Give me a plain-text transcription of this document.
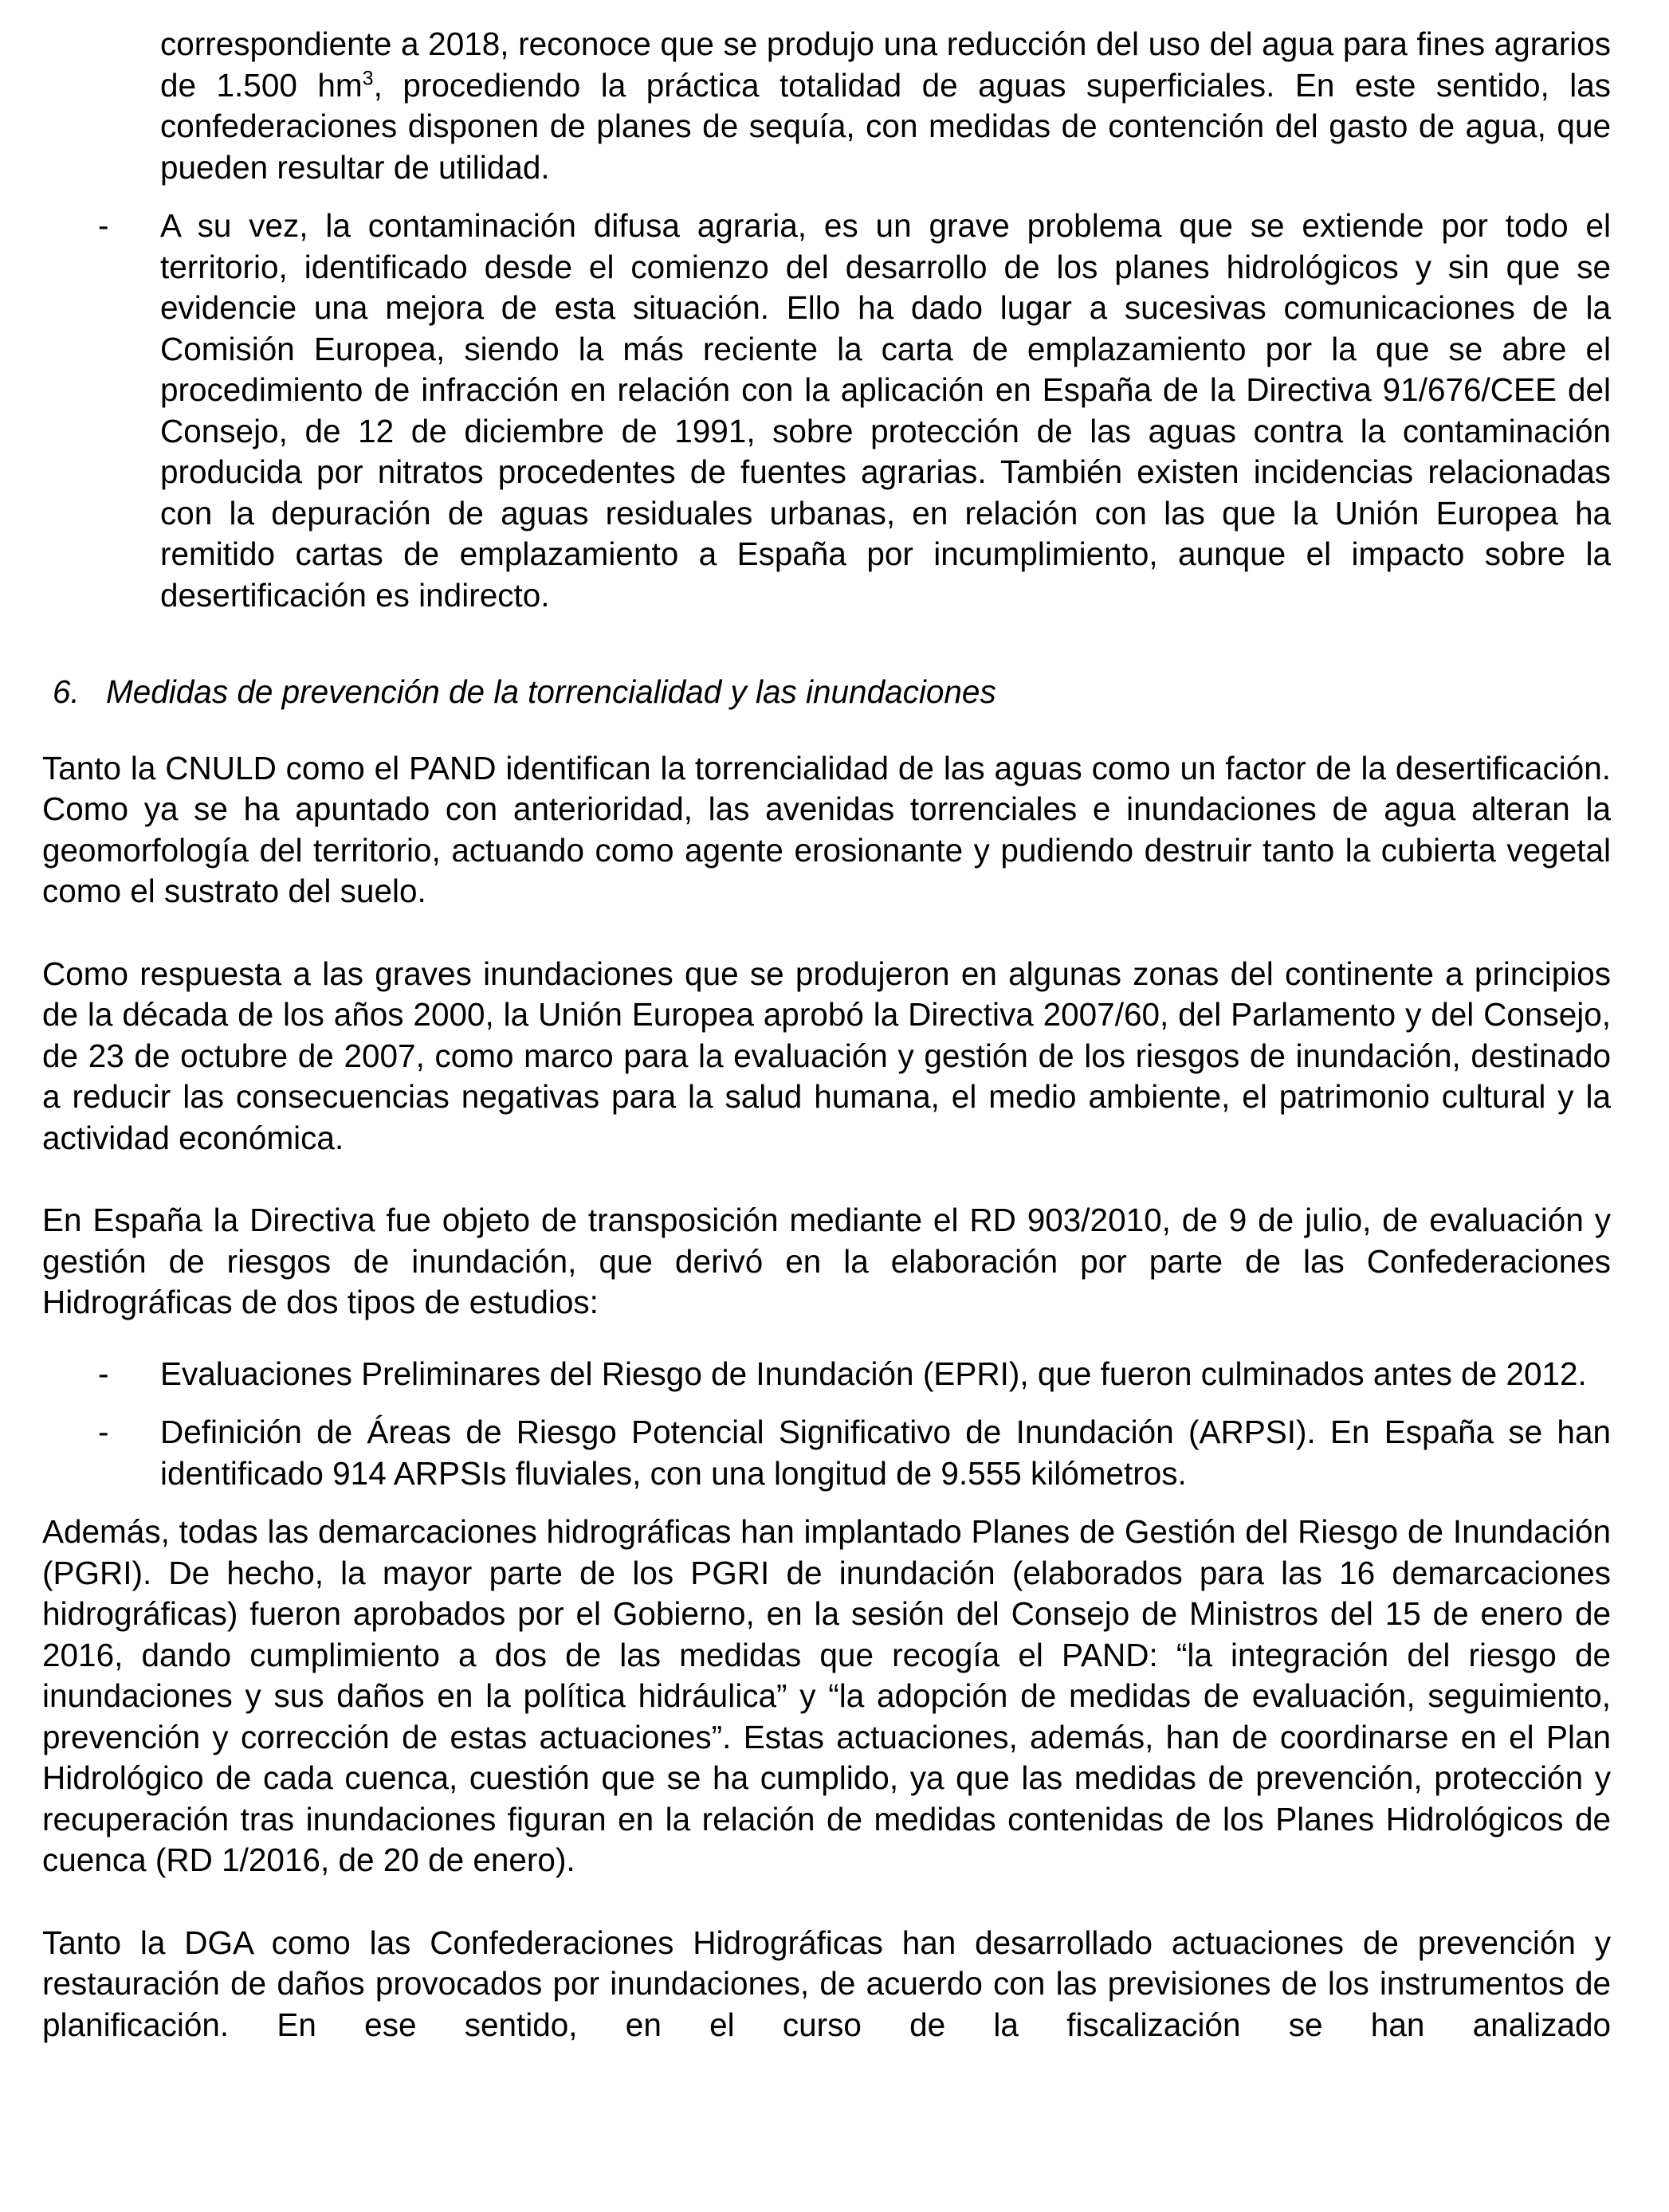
correspondiente a 2018, reconoce que se produjo una reducción del uso del agua para fines agrarios de 1.500 $hm^3$, procediendo la práctica totalidad de aguas superficiales. En este sentido, las confederaciones disponen de planes de sequía, con medidas de contención del gasto de agua, que pueden resultar de utilidad.

-	A su vez, la contaminación difusa agraria, es un grave problema que se extiende por todo el territorio, identificado desde el comienzo del desarrollo de los planes hidrológicos y sin que se evidencie una mejora de esta situación. Ello ha dado lugar a sucesivas comunicaciones de la Comisión Europea, siendo la más reciente la carta de emplazamiento por la que se abre el procedimiento de infracción en relación con la aplicación en España de la Directiva 91/676/CEE del Consejo, de 12 de diciembre de 1991, sobre protección de las aguas contra la contaminación producida por nitratos procedentes de fuentes agrarias. También existen incidencias relacionadas con la depuración de aguas residuales urbanas, en relación con las que la Unión Europea ha remitido cartas de emplazamiento a España por incumplimiento, aunque el impacto sobre la desertificación es indirecto.
6. Medidas de prevención de la torrencialidad y las inundaciones

Tanto la CNULD como el PAND identifican la torrencialidad de las aguas como un factor de la desertificación. Como ya se ha apuntado con anterioridad, las avenidas torrenciales e inundaciones de agua alteran la geomorfología del territorio, actuando como agente erosionante y pudiendo destruir tanto la cubierta vegetal como el sustrato del suelo.

Como respuesta a las graves inundaciones que se produjeron en algunas zonas del continente a principios de la década de los años 2000, la Unión Europea aprobó la Directiva 2007/60, del Parlamento y del Consejo, de 23 de octubre de 2007, como marco para la evaluación y gestión de los riesgos de inundación, destinado a reducir las consecuencias negativas para la salud humana, el medio ambiente, el patrimonio cultural y la actividad económica.

En España la Directiva fue objeto de transposición mediante el RD 903/2010, de 9 de julio, de evaluación y gestión de riesgos de inundación, que derivó en la elaboración por parte de las Confederaciones Hidrográficas de dos tipos de estudios:

-	Evaluaciones Preliminares del Riesgo de Inundación (EPRI), que fueron culminados antes de 2012.
-	Definición de Áreas de Riesgo Potencial Significativo de Inundación (ARPSI). En España se han identificado 914 ARPSIs fluviales, con una longitud de 9.555 kilómetros.

Además, todas las demarcaciones hidrográficas han implantado Planes de Gestión del Riesgo de Inundación (PGRI). De hecho, la mayor parte de los PGRI de inundación (elaborados para las 16 demarcaciones hidrográficas) fueron aprobados por el Gobierno, en la sesión del Consejo de Ministros del 15 de enero de 2016, dando cumplimiento a dos de las medidas que recogía el PAND: “la integración del riesgo de inundaciones y sus daños en la política hidráulica” y “la adopción de medidas de evaluación, seguimiento, prevención y corrección de estas actuaciones”. Estas actuaciones, además, han de coordinarse en el Plan Hidrológico de cada cuenca, cuestión que se ha cumplido, ya que las medidas de prevención, protección y recuperación tras inundaciones figuran en la relación de medidas contenidas de los Planes Hidrológicos de cuenca (RD 1/2016, de 20 de enero).

Tanto la DGA como las Confederaciones Hidrográficas han desarrollado actuaciones de prevención y restauración de daños provocados por inundaciones, de acuerdo con las previsiones de los instrumentos de planificación. En ese sentido, en el curso de la fiscalización se han analizado
